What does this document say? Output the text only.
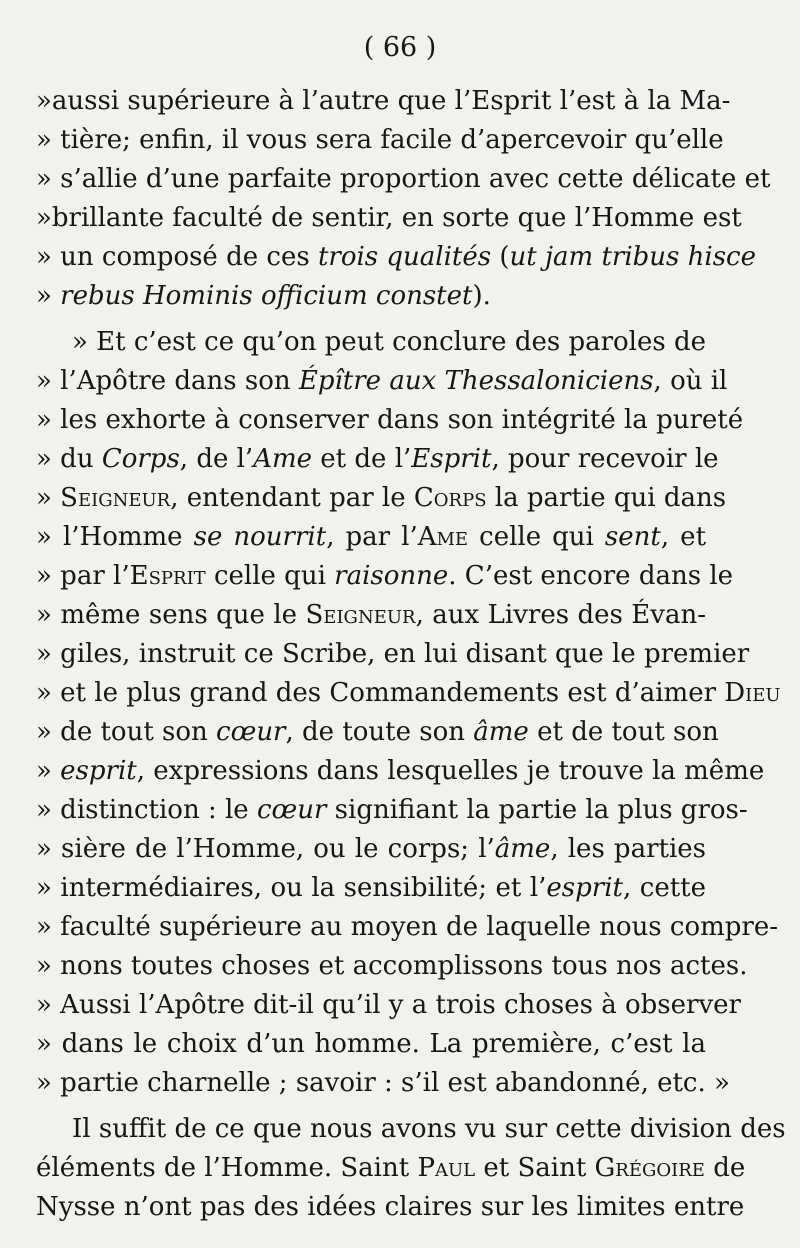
( 66 )
»aussi supérieure à l’autre que l’Esprit l’est à la Ma-
» tière; enfin, il vous sera facile d’apercevoir qu’elle
» s’allie d’une parfaite proportion avec cette délicate et
»brillante faculté de sentir, en sorte que l’Homme est
» un composé de ces trois qualités (ut jam tribus hisce
» rebus Hominis officium constet).
» Et c’est ce qu’on peut conclure des paroles de
» l’Apôtre dans son Épître aux Thessaloniciens, où il
» les exhorte à conserver dans son intégrité la pureté
» du Corps, de l’Ame et de l’Esprit, pour recevoir le
» Seigneur, entendant par le Corps la partie qui dans
» l’Homme se nourrit, par l’Ame celle qui sent, et
» par l’Esprit celle qui raisonne. C’est encore dans le
» même sens que le Seigneur, aux Livres des Évan-
» giles, instruit ce Scribe, en lui disant que le premier
» et le plus grand des Commandements est d’aimer Dieu
» de tout son cœur, de toute son âme et de tout son
» esprit, expressions dans lesquelles je trouve la même
» distinction : le cœur signifiant la partie la plus gros-
» sière de l’Homme, ou le corps; l’âme, les parties
» intermédiaires, ou la sensibilité; et l’esprit, cette
» faculté supérieure au moyen de laquelle nous compre-
» nons toutes choses et accomplissons tous nos actes.
» Aussi l’Apôtre dit-il qu’il y a trois choses à observer
» dans le choix d’un homme. La première, c’est la
» partie charnelle ; savoir : s’il est abandonné, etc. »
Il suffit de ce que nous avons vu sur cette division des
éléments de l’Homme. Saint Paul et Saint Grégoire de
Nysse n’ont pas des idées claires sur les limites entre
